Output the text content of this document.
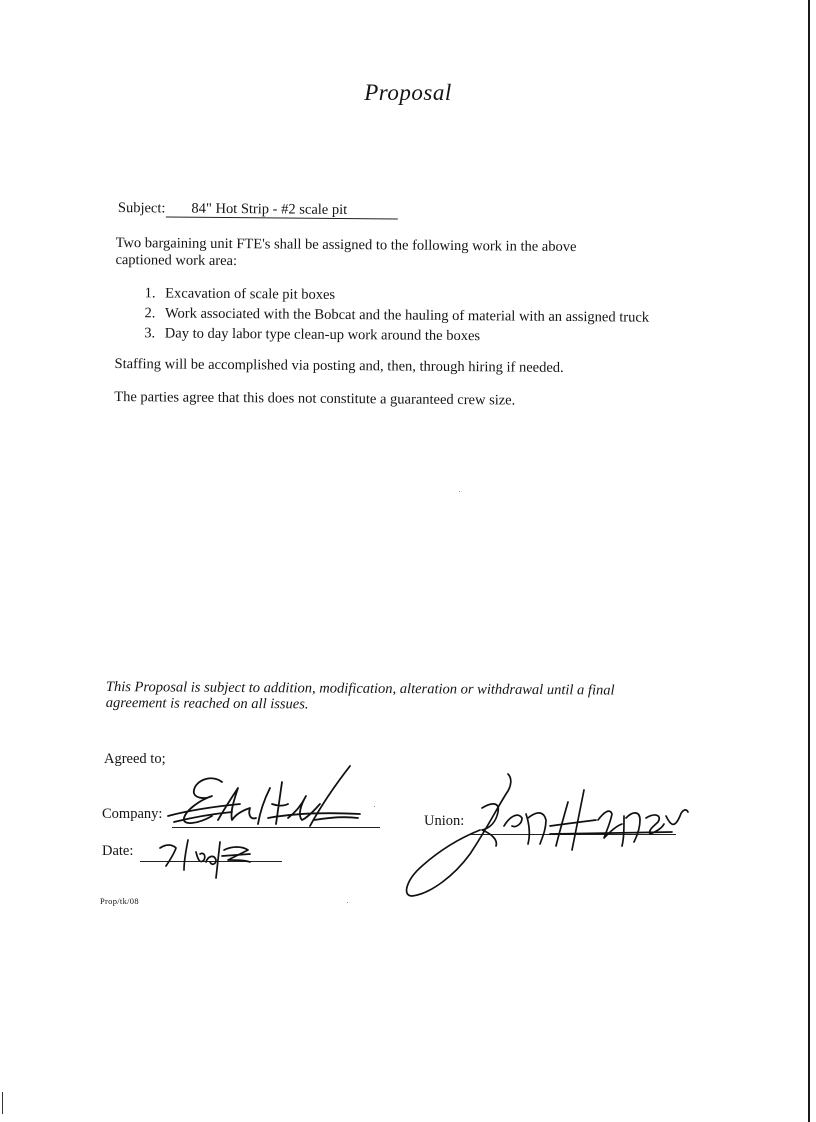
Proposal
Subject: 84" Hot Strip - #2 scale pit
Two bargaining unit FTE's shall be assigned to the following work in the above
captioned work area:
1. Excavation of scale pit boxes
2. Work associated with the Bobcat and the hauling of material with an assigned truck
3. Day to day labor type clean-up work around the boxes
Staffing will be accomplished via posting and, then, through hiring if needed.
The parties agree that this does not constitute a guaranteed crew size.
This Proposal is subject to addition, modification, alteration or withdrawal until a final
agreement is reached on all issues.
Agreed to;
Company:
Date:
Union:
Prop/tk/08
